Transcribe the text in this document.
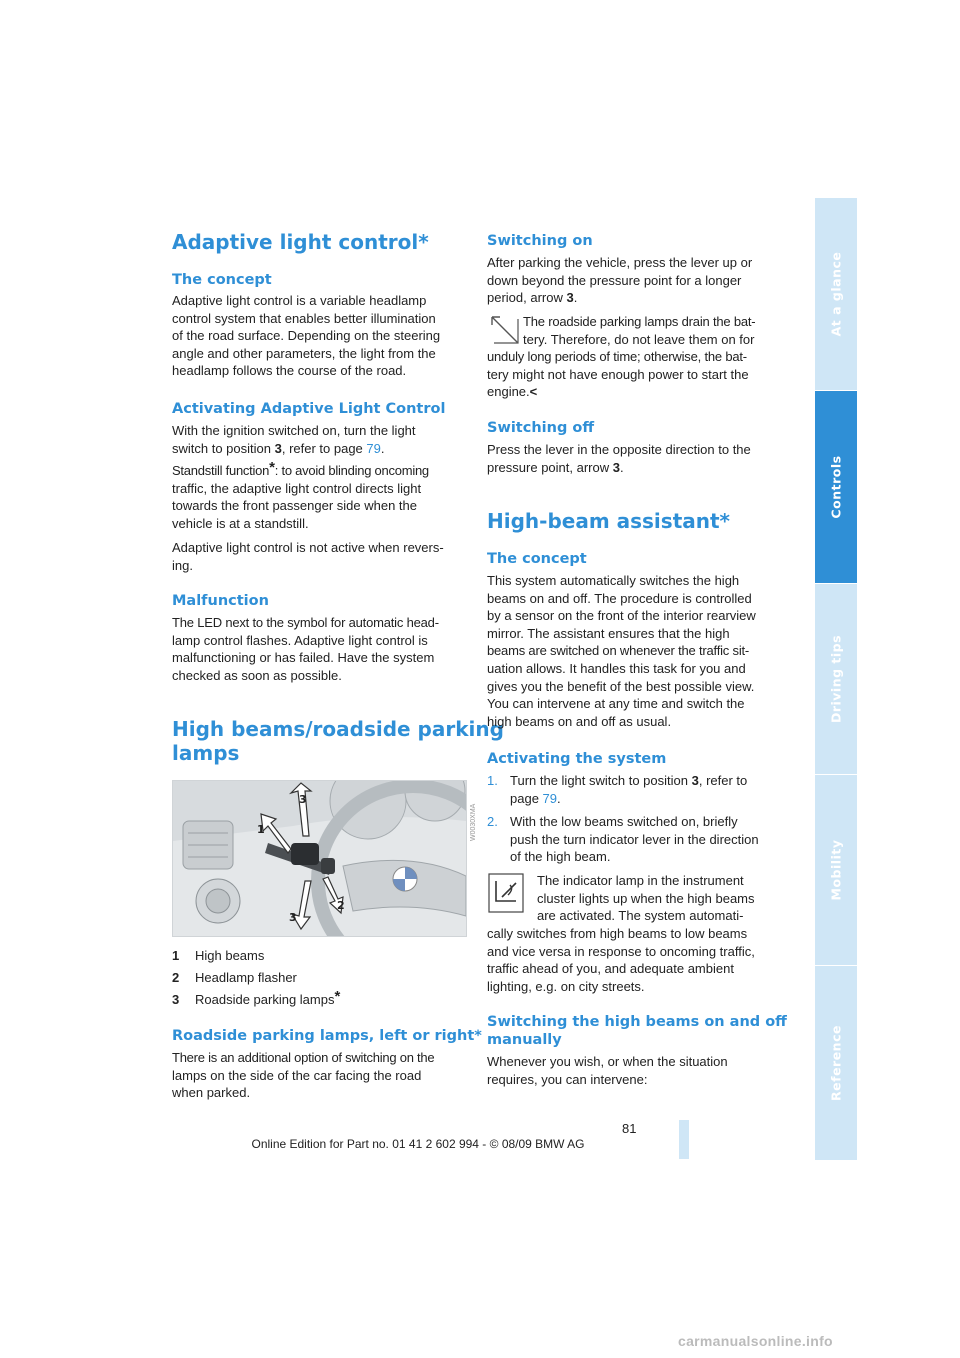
At a glance
Controls
Driving tips
Mobility
Reference
Adaptive light control*
The concept

Adaptive light control is a variable headlamp

control system that enables better illumination

of the road surface. Depending on the steering

angle and other parameters, the light from the

headlamp follows the course of the road.

Activating Adaptive Light Control

With the ignition switched on, turn the light

switch to position 3, refer to page 79.

Standstill function*: to avoid blinding oncoming

traffic, the adaptive light control directs light

towards the front passenger side when the

vehicle is at a standstill.

Adaptive light control is not active when revers-

ing.

Malfunction

The LED next to the symbol for automatic head-

lamp control flashes. Adaptive light control is

malfunctioning or has failed. Have the system

checked as soon as possible.

High beams/roadside parking
lamps
1
3
3
2
W0030XMA
1 High beams
2 Headlamp flasher
3 Roadside parking lamps*
Roadside parking lamps, left or right*

There is an additional option of switching on the

lamps on the side of the car facing the road

when parked.

Switching on

After parking the vehicle, press the lever up or

down beyond the pressure point for a longer

period, arrow 3.

The roadside parking lamps drain the bat-

tery. Therefore, do not leave them on for

unduly long periods of time; otherwise, the bat-

tery might not have enough power to start the

engine.<

Switching off

Press the lever in the opposite direction to the

pressure point, arrow 3.

High-beam assistant*
The concept

This system automatically switches the high

beams on and off. The procedure is controlled

by a sensor on the front of the interior rearview

mirror. The assistant ensures that the high

beams are switched on whenever the traffic sit-

uation allows. It handles this task for you and

gives you the benefit of the best possible view.

You can intervene at any time and switch the

high beams on and off as usual.

Activating the system
1. Turn the light switch to position 3, refer to
page 79.
2. With the low beams switched on, briefly
push the turn indicator lever in the direction
of the high beam.

The indicator lamp in the instrument

cluster lights up when the high beams

are activated. The system automati-

cally switches from high beams to low beams

and vice versa in response to oncoming traffic,

traffic ahead of you, and adequate ambient

lighting, e.g. on city streets.

Switching the high beams on and off
manually

Whenever you wish, or when the situation

requires, you can intervene:

81
Online Edition for Part no. 01 41 2 602 994 - © 08/09 BMW AG
carmanualsonline.info
